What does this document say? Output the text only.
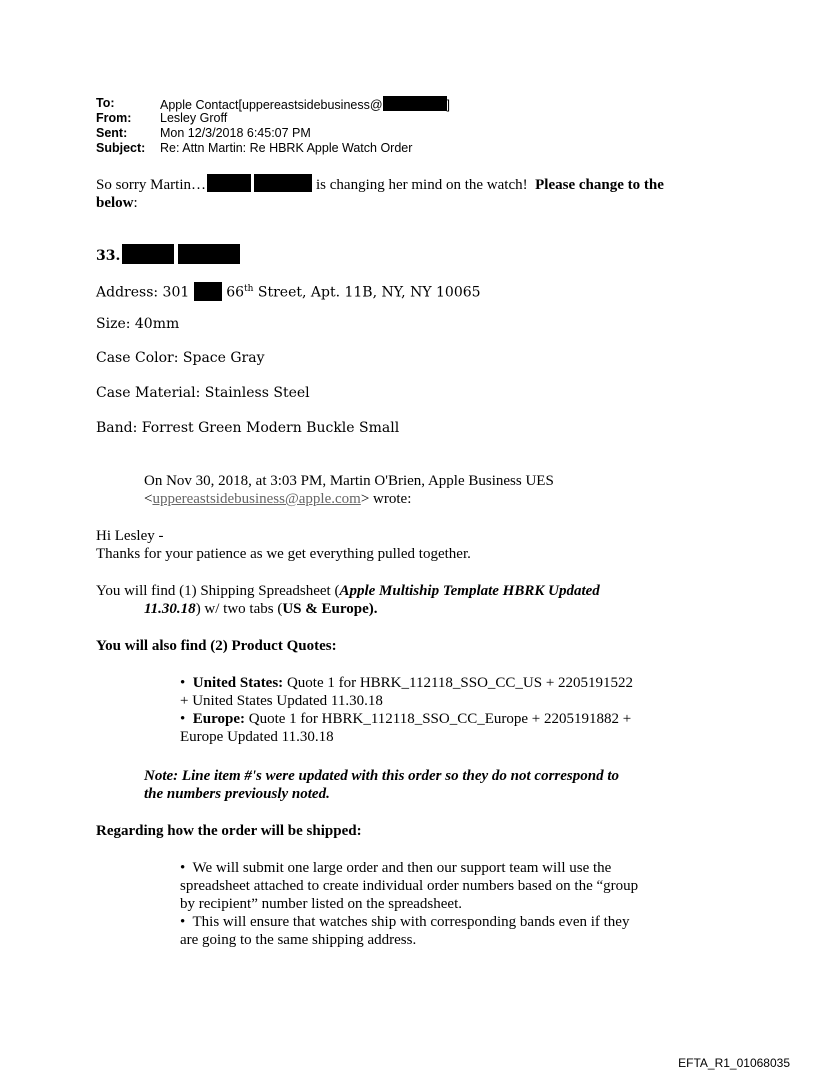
To:	Apple Contact[uppereastsidebusiness@	]
From: Lesley Groff
Sent:	Mon 12/3/2018 6:45:07 PM
Subject: Re: Attn Martin: Re HBRK Apple Watch Order
So sorry Martin…	is changing her mind on the watch! Please change to the
below:
33.
Address: 301	66th Street, Apt. 11B, NY, NY 10065
Size: 40mm
Case Color: Space Gray
Case Material: Stainless Steel
Band: Forrest Green Modern Buckle Small
On Nov 30, 2018, at 3:03 PM, Martin O'Brien, Apple Business UES
<uppereastsidebusiness@apple.com> wrote:
Hi Lesley -
Thanks for your patience as we get everything pulled together.
You will find (1) Shipping Spreadsheet (Apple Multiship Template HBRK Updated
11.30.18) w/ two tabs (US & Europe).
You will also find (2) Product Quotes:
•  United States: Quote 1 for HBRK_112118_SSO_CC_US + 2205191522
+ United States Updated 11.30.18
•  Europe: Quote 1 for HBRK_112118_SSO_CC_Europe + 2205191882 +
Europe Updated 11.30.18
Note: Line item #'s were updated with this order so they do not correspond to
the numbers previously noted.
Regarding how the order will be shipped:
•  We will submit one large order and then our support team will use the
spreadsheet attached to create individual order numbers based on the “group
by recipient” number listed on the spreadsheet.
•  This will ensure that watches ship with corresponding bands even if they
are going to the same shipping address.
EFTA_R1_01068035
